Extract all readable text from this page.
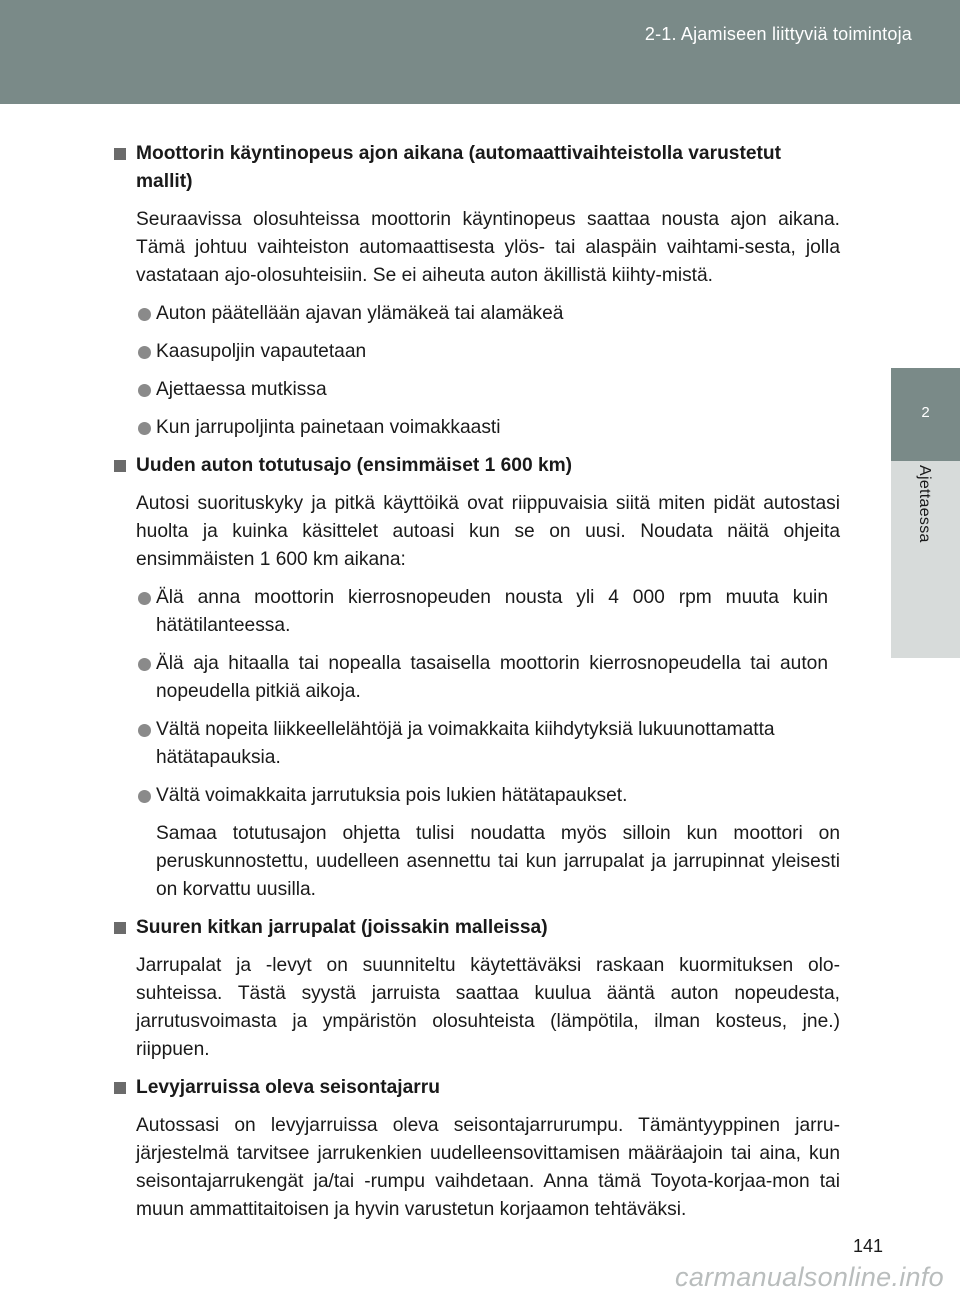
2-1. Ajamiseen liittyviä toimintoja
2
Ajettaessa
Moottorin käyntinopeus ajon aikana (automaattivaihteistolla varustetut mallit)

Seuraavissa olosuhteissa moottorin käyntinopeus saattaa nousta ajon aikana. Tämä johtuu vaihteiston automaattisesta ylös- tai alaspäin vaihtami-sesta, jolla vastataan ajo-olosuhteisiin. Se ei aiheuta auton äkillistä kiihty-mistä.

Auton päätellään ajavan ylämäkeä tai alamäkeä
Kaasupoljin vapautetaan
Ajettaessa mutkissa
Kun jarrupoljinta painetaan voimakkaasti
Uuden auton totutusajo (ensimmäiset 1 600 km)

Autosi suorituskyky ja pitkä käyttöikä ovat riippuvaisia siitä miten pidät autostasi huolta ja kuinka käsittelet autoasi kun se on uusi. Noudata näitä ohjeita ensimmäisten 1 600 km aikana:

Älä anna moottorin kierrosnopeuden nousta yli 4 000 rpm muuta kuin hätätilanteessa.
Älä aja hitaalla tai nopealla tasaisella moottorin kierrosnopeudella tai auton nopeudella pitkiä aikoja.
Vältä nopeita liikkeellelähtöjä ja voimakkaita kiihdytyksiä lukuunottamatta hätätapauksia.
Vältä voimakkaita jarrutuksia pois lukien hätätapaukset.

Samaa totutusajon ohjetta tulisi noudatta myös silloin kun moottori on peruskunnostettu, uudelleen asennettu tai kun jarrupalat ja jarrupinnat yleisesti on korvattu uusilla.

Suuren kitkan jarrupalat (joissakin malleissa)

Jarrupalat ja -levyt on suunniteltu käytettäväksi raskaan kuormituksen olo-suhteissa. Tästä syystä jarruista saattaa kuulua ääntä auton nopeudesta, jarrutusvoimasta ja ympäristön olosuhteista (lämpötila, ilman kosteus, jne.) riippuen.

Levyjarruissa oleva seisontajarru

Autossasi on levyjarruissa oleva seisontajarrurumpu. Tämäntyyppinen jarru-järjestelmä tarvitsee jarrukenkien uudelleensovittamisen määräajoin tai aina, kun seisontajarrukengät ja/tai -rumpu vaihdetaan. Anna tämä Toyota-korjaa-mon tai muun ammattitaitoisen ja hyvin varustetun korjaamon tehtäväksi.

141
carmanualsonline.info
